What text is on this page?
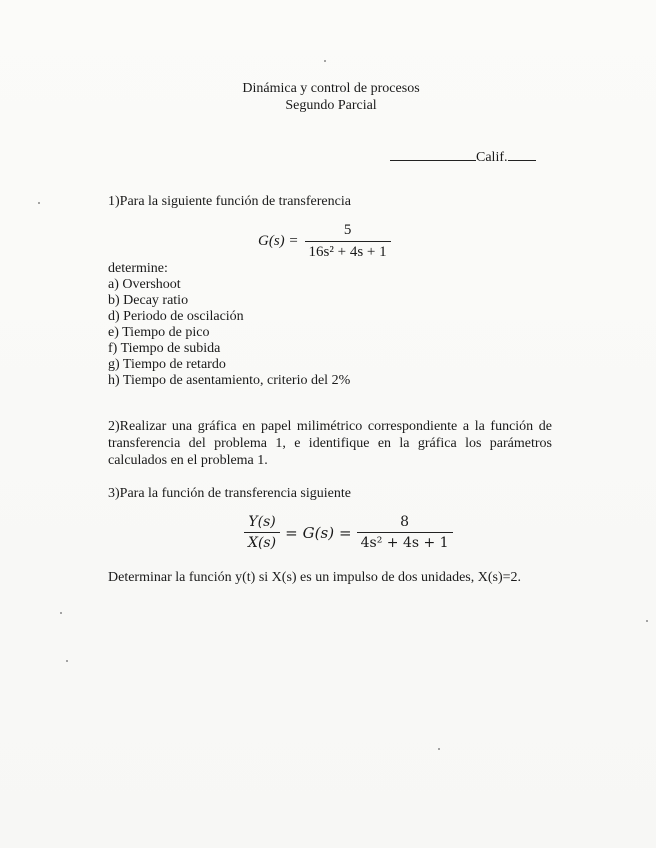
Dinámica y control de procesos
Segundo Parcial
Calif.
1)Para la siguiente función de transferencia
$G(s) = \frac{5}{\text{16s² + 4s + 1}}$
determine:
a) Overshoot
b) Decay ratio
d) Periodo de oscilación
e) Tiempo de pico
f) Tiempo de subida
g) Tiempo de retardo
h) Tiempo de asentamiento, criterio del 2%
2)Realizar una gráfica en papel milimétrico correspondiente a la función de
transferencia del problema 1, e identifique en la gráfica los parámetros
calculados en el problema 1.
3)Para la función de transferencia siguiente
$\frac{Y(s)}{X(s)} = G(s) = \frac{8}{\text{4s² + 4s + 1}}$
Determinar la función y(t) si X(s) es un impulso de dos unidades, X(s)=2.
